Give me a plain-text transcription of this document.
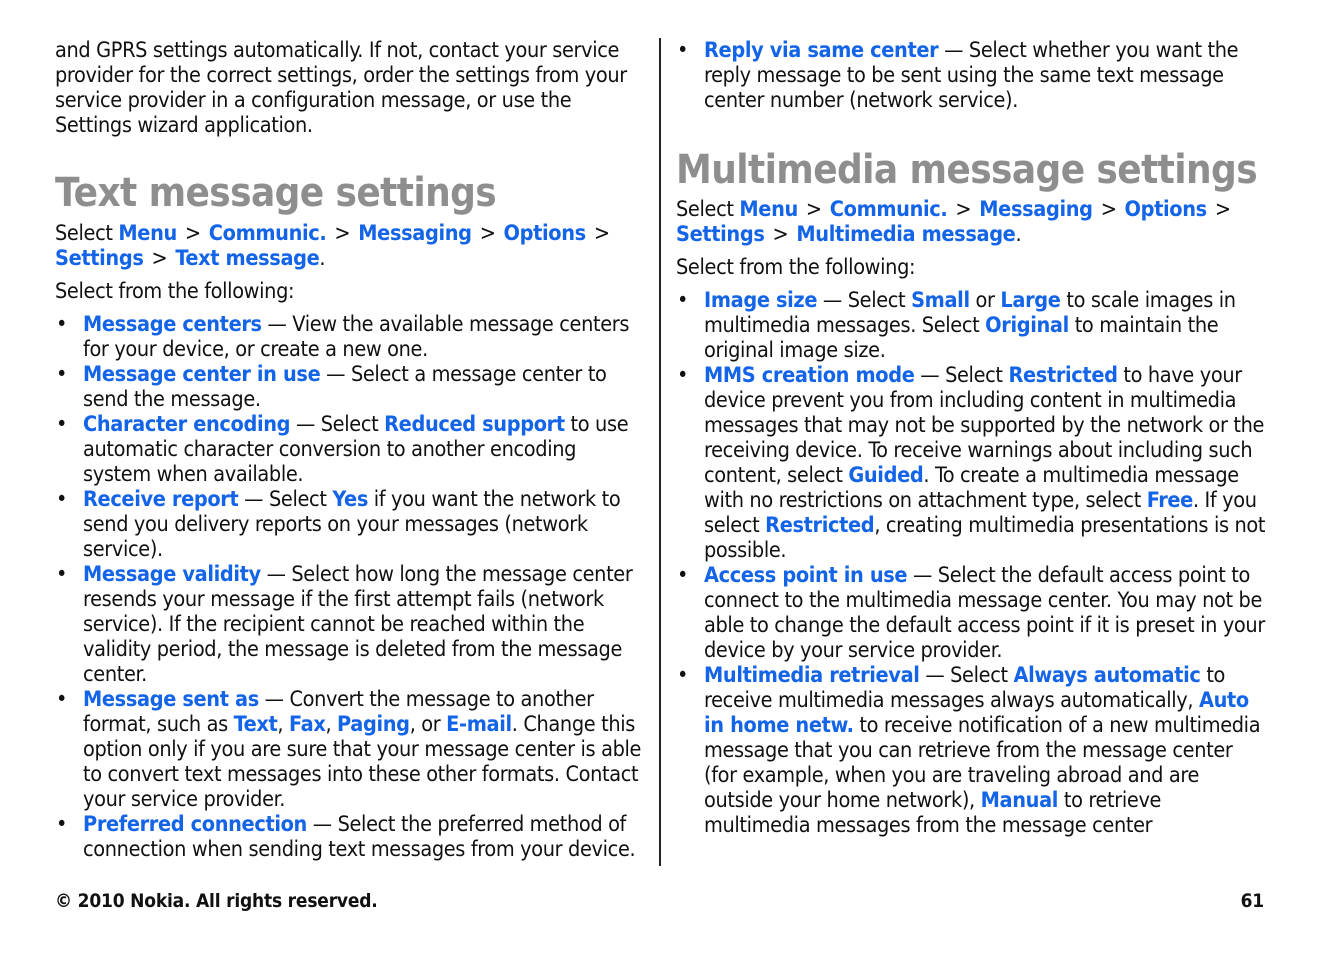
and GPRS settings automatically. If not, contact your service provider for the correct settings, order the settings from your service provider in a configuration message, or use the Settings wizard application.

Text message settings

Select Menu > Communic. > Messaging > Options >
Settings > Text message.

Select from the following:

• Message centers — View the available message centers for your device, or create a new one.
• Message center in use — Select a message center to send the message.
• Character encoding — Select Reduced support to use automatic character conversion to another encoding system when available.
• Receive report — Select Yes if you want the network to send you delivery reports on your messages (network service).
• Message validity — Select how long the message center resends your message if the first attempt fails (network service). If the recipient cannot be reached within the validity period, the message is deleted from the message center.
• Message sent as — Convert the message to another format, such as Text, Fax, Paging, or E-mail. Change this option only if you are sure that your message center is able to convert text messages into these other formats. Contact your service provider.
• Preferred connection — Select the preferred method of connection when sending text messages from your device.
• Reply via same center — Select whether you want the reply message to be sent using the same text message center number (network service).
Multimedia message settings

Select Menu > Communic. > Messaging > Options >
Settings > Multimedia message.

Select from the following:

• Image size — Select Small or Large to scale images in multimedia messages. Select Original to maintain the original image size.
• MMS creation mode — Select Restricted to have your device prevent you from including content in multimedia messages that may not be supported by the network or the receiving device. To receive warnings about including such content, select Guided. To create a multimedia message with no restrictions on attachment type, select Free. If you select Restricted, creating multimedia presentations is not possible.
• Access point in use — Select the default access point to connect to the multimedia message center. You may not be able to change the default access point if it is preset in your device by your service provider.
• Multimedia retrieval — Select Always automatic to receive multimedia messages always automatically, Auto in home netw. to receive notification of a new multimedia message that you can retrieve from the message center (for example, when you are traveling abroad and are outside your home network), Manual to retrieve multimedia messages from the message center
© 2010 Nokia. All rights reserved.	61
